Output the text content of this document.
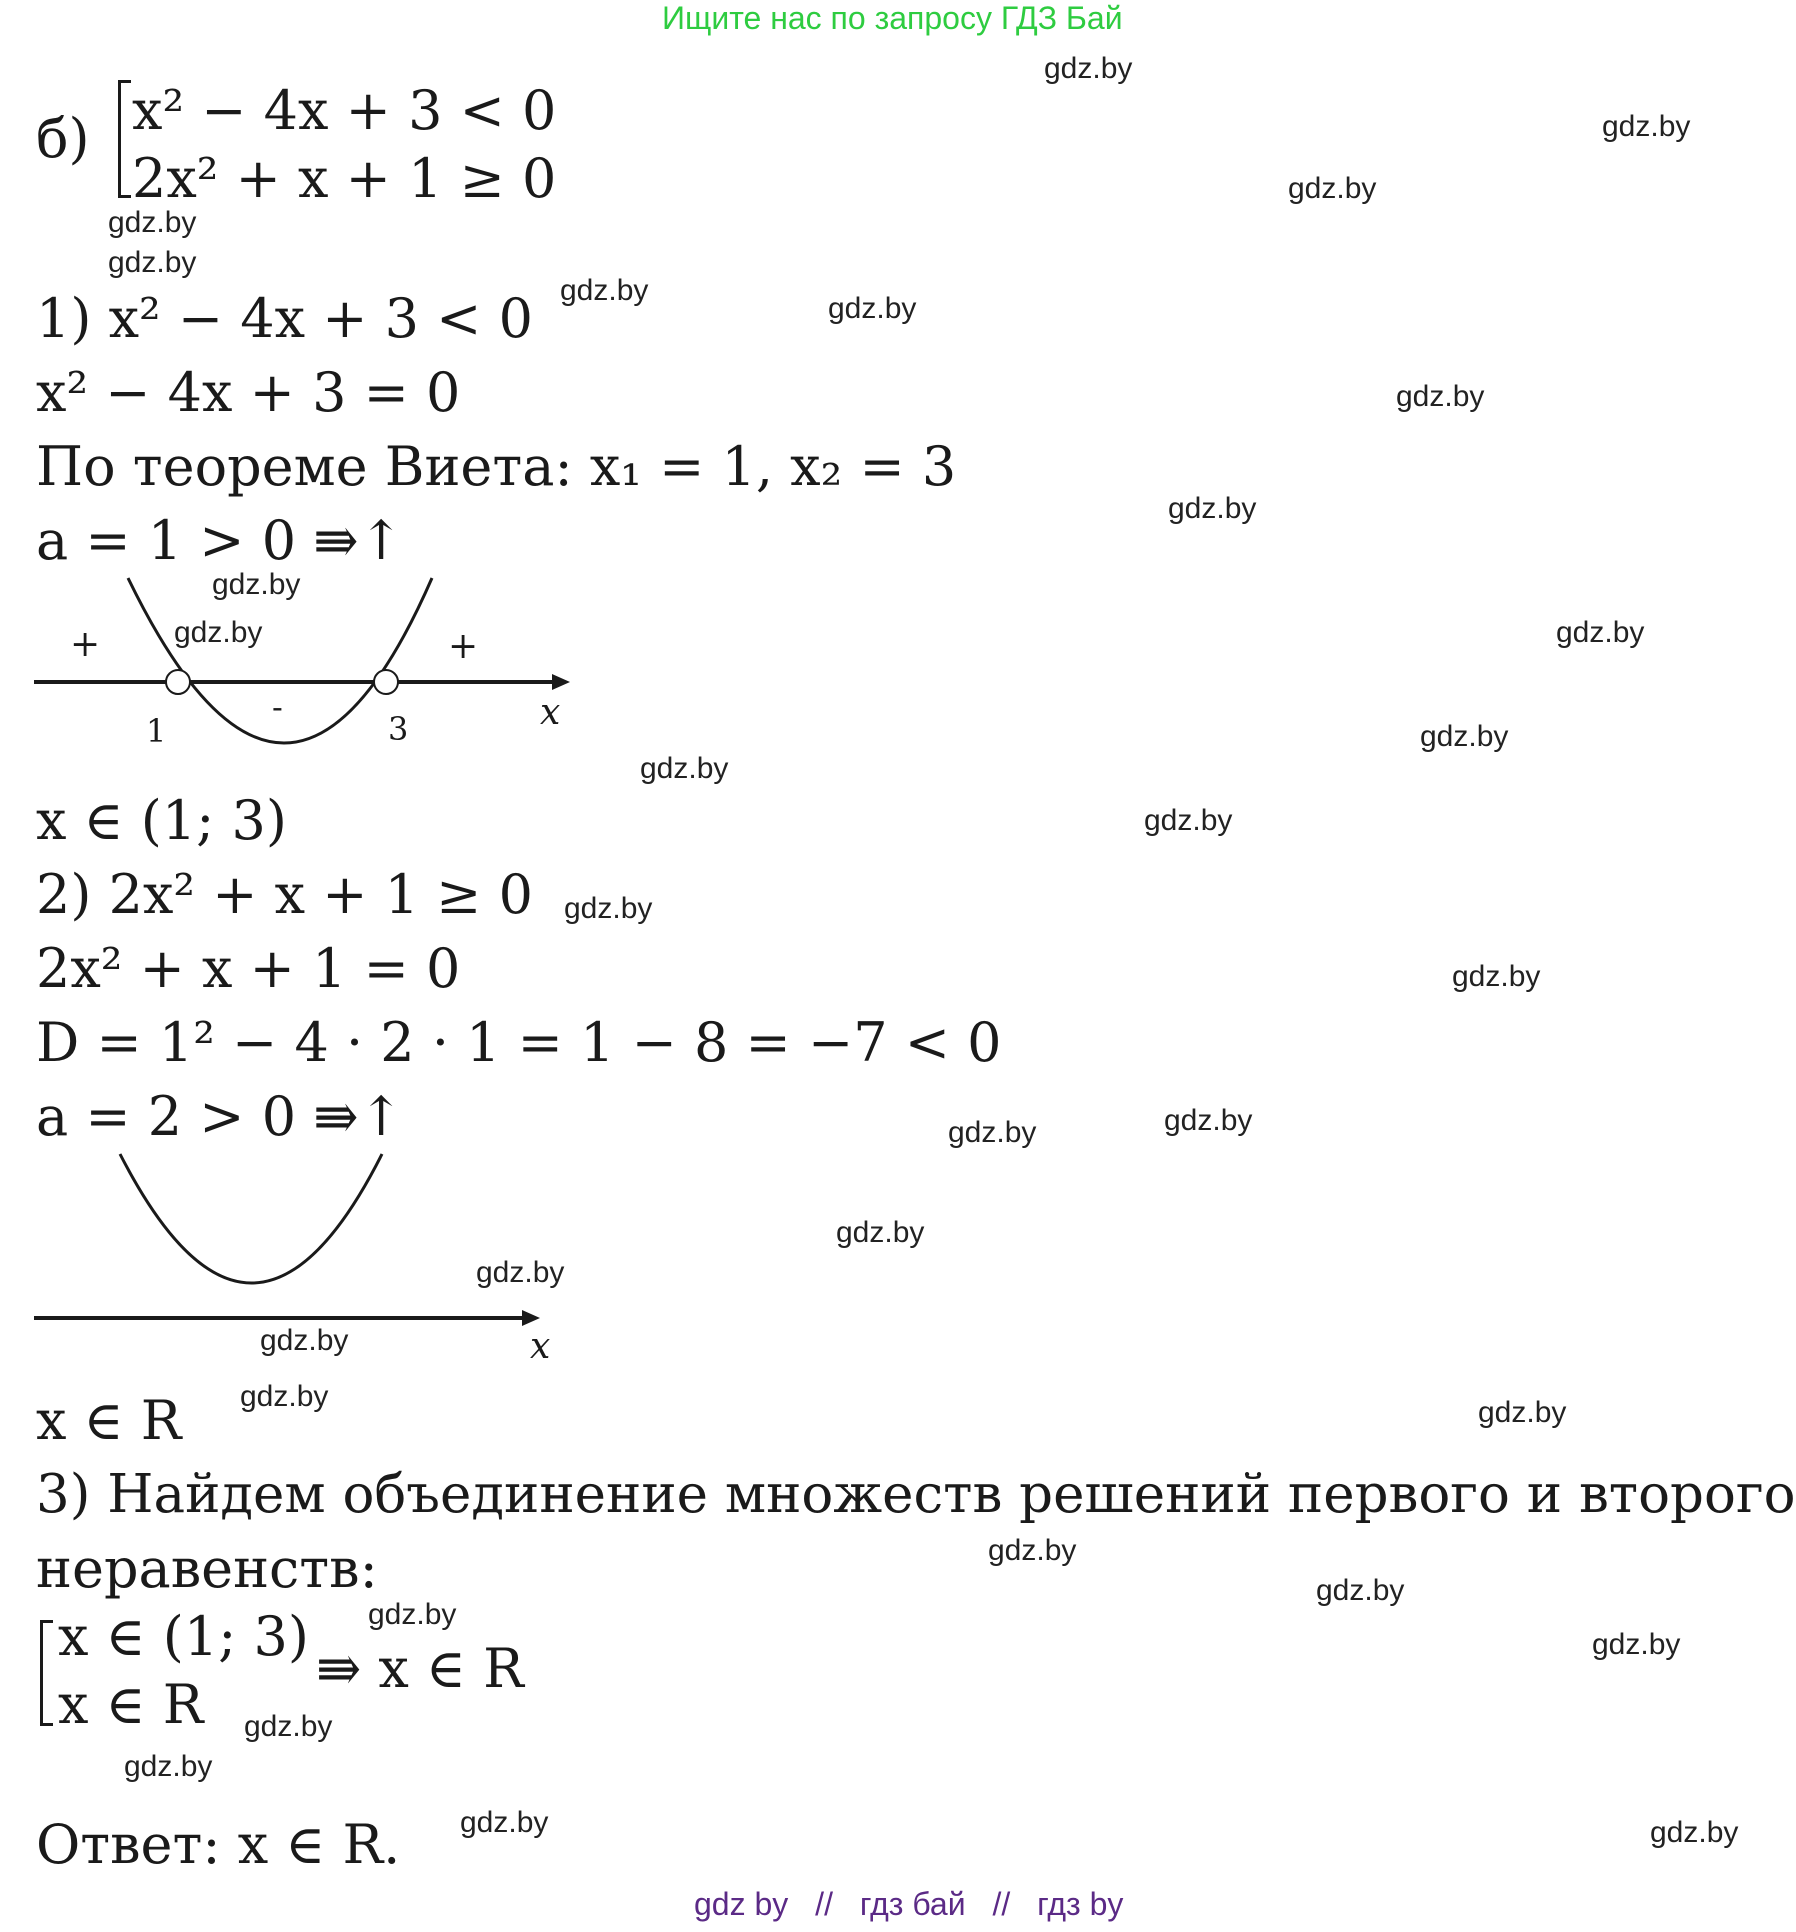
Ищите нас по запросу ГДЗ Бай
б) x² − 4x + 3 < 0
2x² + x + 1 ≥ 0
1) x² − 4x + 3 < 0
x² − 4x + 3 = 0
По теореме Виета: x₁ = 1, x₂ = 3
a = 1 > 0 ⇛↑
+	+
-
1	3	x
x ∈ (1; 3)
2) 2x² + x + 1 ≥ 0
2x² + x + 1 = 0
D = 1² − 4 · 2 · 1 = 1 − 8 = −7 < 0
a = 2 > 0 ⇛↑
x
x ∈ R
3) Найдем объединение множеств решений первого и второго
неравенств:
x ∈ (1; 3)
x ∈ R
⇛ x ∈ R
Ответ: x ∈ R.
gdz.by
gdz.by
gdz.by
gdz.by
gdz.by
gdz.by
gdz.by
gdz.by
gdz.by
gdz.by
gdz.by	gdz.by
gdz.by
gdz.by
gdz.by
gdz.by
gdz.by
gdz.by
gdz.by
gdz.by
gdz.by
gdz.by
gdz.by	gdz.by
gdz.by
gdz.by
gdz.by
gdz.by
gdz.by
gdz.by
gdz.by	gdz.by
gdz by // гдз бай // гдз by
